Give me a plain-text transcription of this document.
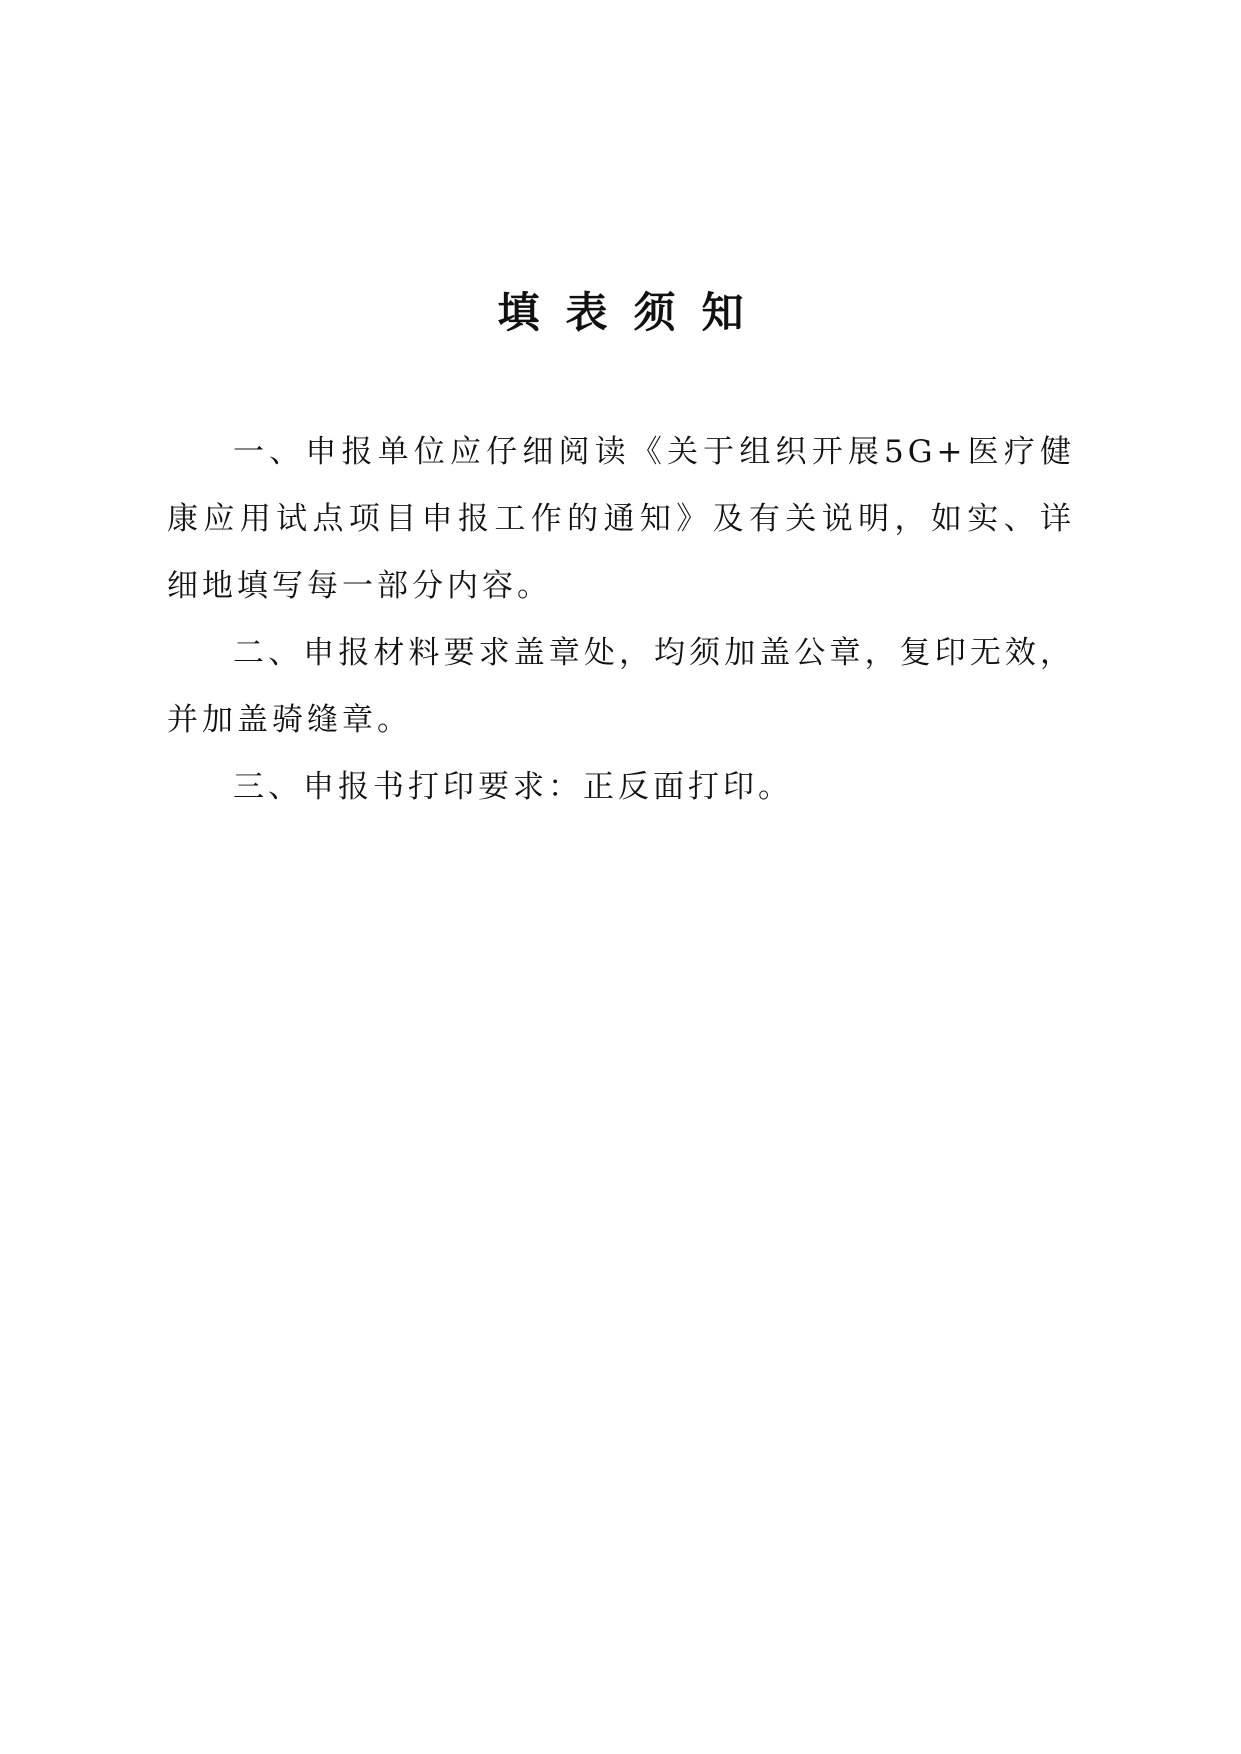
填表须知

一、申报单位应仔细阅读《关于组织开展5G+医疗健康应用试点项目申报工作的通知》及有关说明，如实、详细地填写每一部分内容。

二、申报材料要求盖章处，均须加盖公章，复印无效，并加盖骑缝章。

三、申报书打印要求：正反面打印。
